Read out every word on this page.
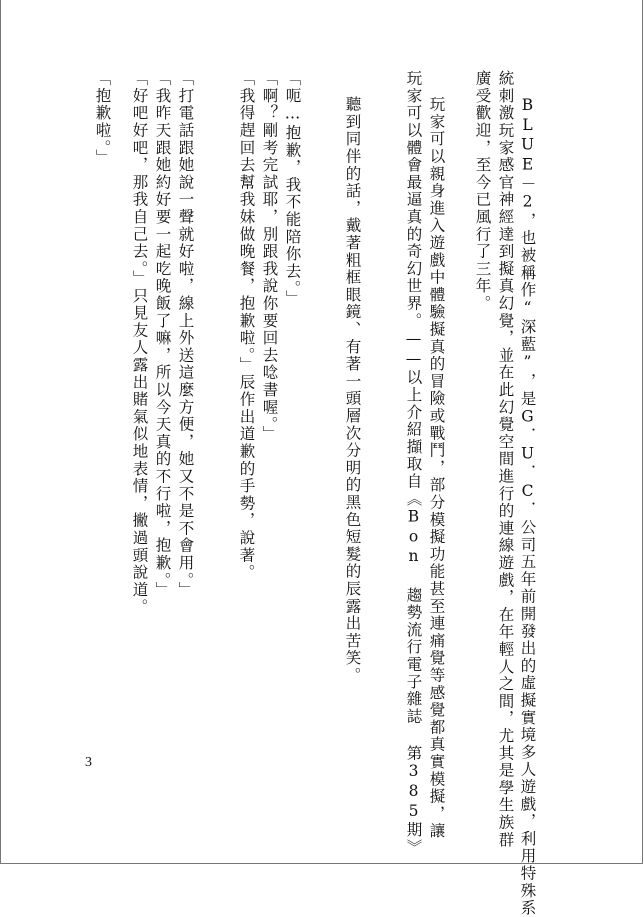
BLUE－2，也被稱作“深藍”，是G．U．C．公司五年前開發出的虛擬實境多人遊戲，利用特殊系
統刺激玩家感官神經達到擬真幻覺，並在此幻覺空間進行的連線遊戲，在年輕人之間，尤其是學生族群
廣受歡迎，至今已風行了三年。
玩家可以親身進入遊戲中體驗擬真的冒險或戰鬥，部分模擬功能甚至連痛覺等感覺都真實模擬，讓
玩家可以體會最逼真的奇幻世界。——以上介紹擷取自《Bon 趨勢流行電子雜誌 第385期》
聽到同伴的話，戴著粗框眼鏡、有著一頭層次分明的黑色短髮的辰露出苦笑。
「呃…抱歉，我不能陪你去。」
「啊？剛考完試耶，別跟我說你要回去唸書喔。」
「我得趕回去幫我妹做晚餐，抱歉啦。」辰作出道歉的手勢，說著。
「打電話跟她說一聲就好啦，線上外送這麼方便，她又不是不會用。」
「我昨天跟她約好要一起吃晚飯了嘛，所以今天真的不行啦，抱歉。」
「好吧好吧，那我自己去。」只見友人露出賭氣似地表情，撇過頭說道。
「抱歉啦。」
3
